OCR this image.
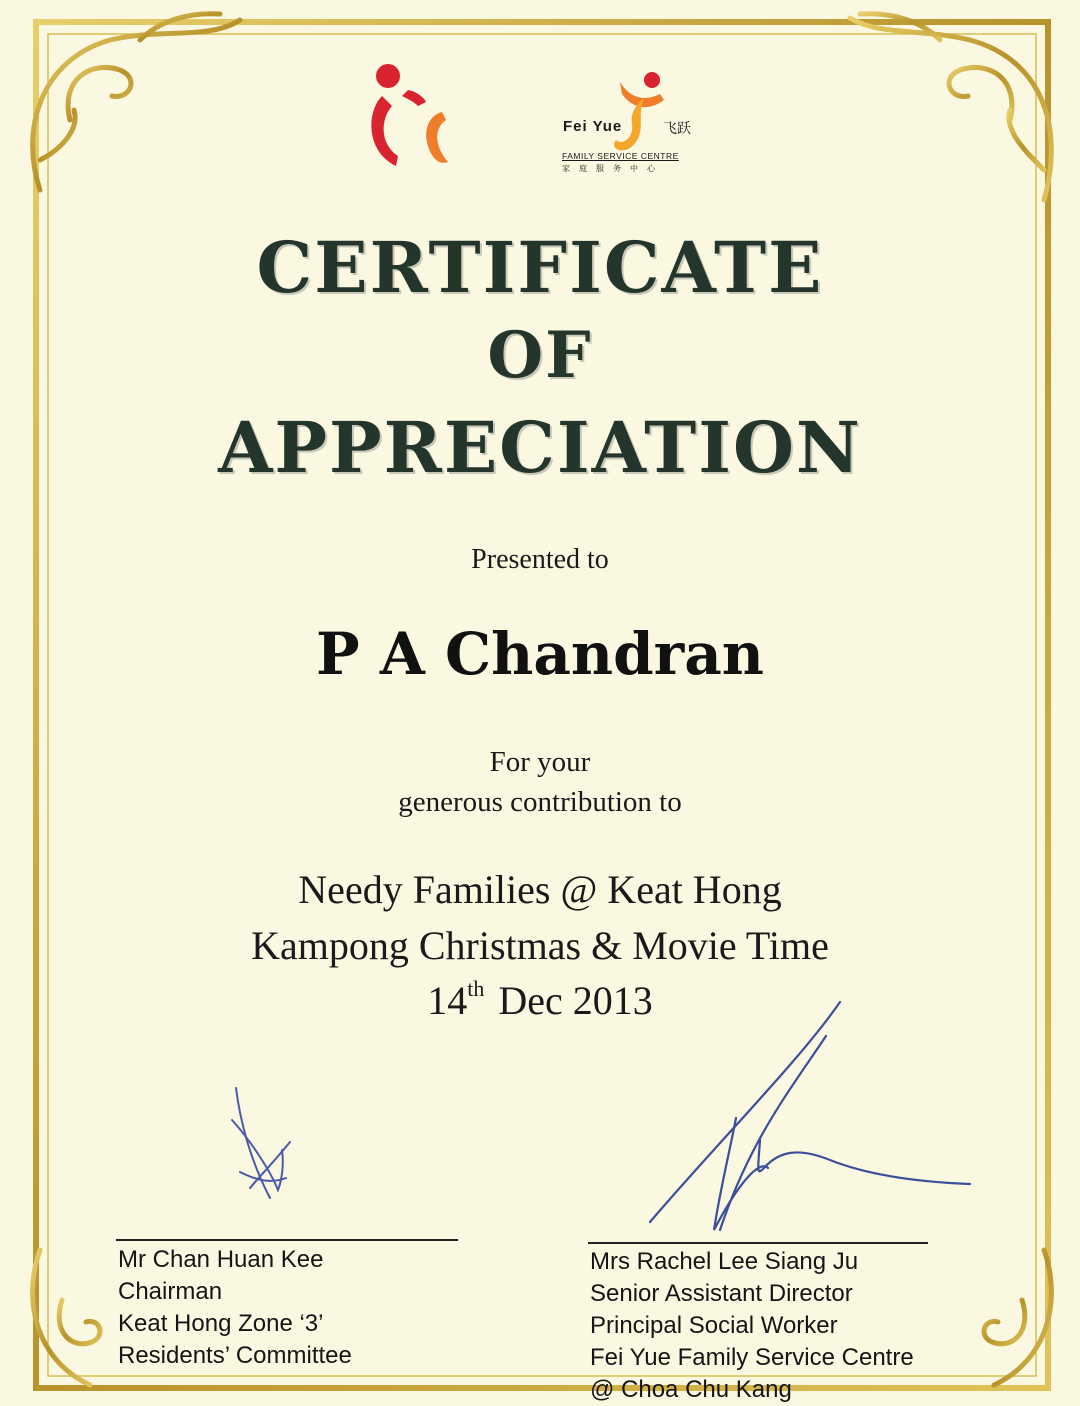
Fei Yue	飞跃
FAMILY SERVICE CENTRE
家庭服务中心
CERTIFICATE
OF
APPRECIATION
Presented to
P A Chandran
For your
generous contribution to
Needy Families @ Keat Hong
Kampong Christmas & Movie Time
14th Dec 2013
Mr Chan Huan Kee
Chairman
Keat Hong Zone ‘3’
Residents’ Committee
Mrs Rachel Lee Siang Ju
Senior Assistant Director
Principal Social Worker
Fei Yue Family Service Centre
@ Choa Chu Kang
